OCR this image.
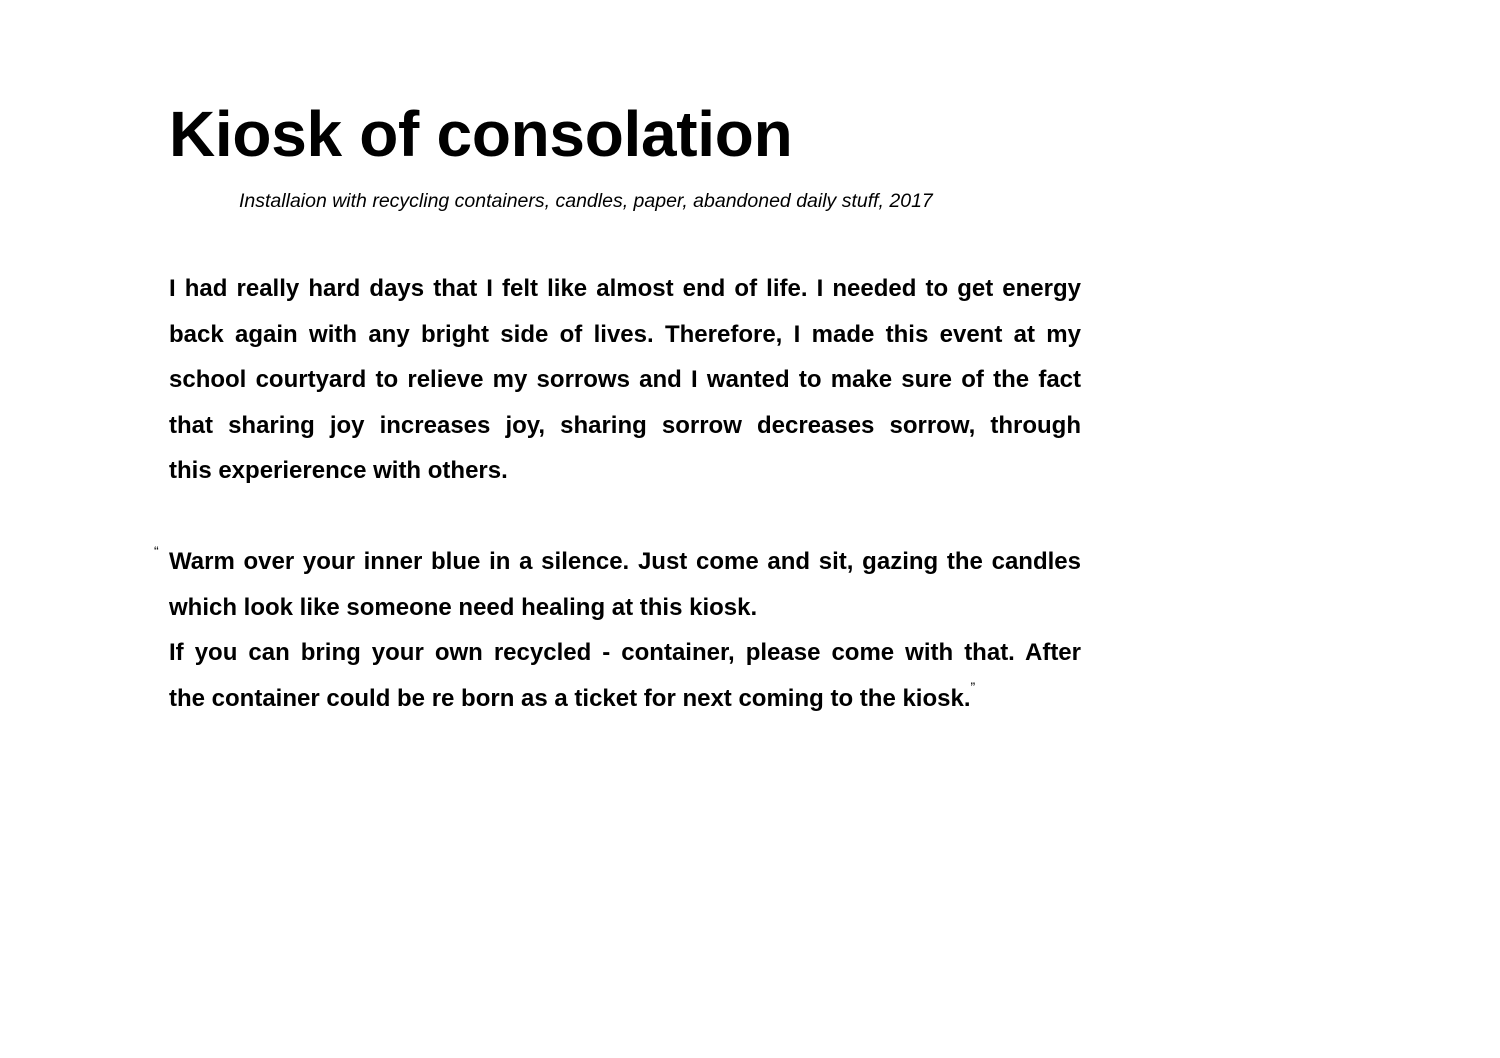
Kiosk of consolation

Installaion with recycling containers, candles, paper, abandoned daily stuff, 2017

I had really hard days that I felt like almost end of life. I needed to get energy
back again with any bright side of lives. Therefore, I made this event at my
school courtyard to relieve my sorrows and I wanted to make sure of the fact
that sharing joy increases joy, sharing sorrow decreases sorrow, through
this experierence with others.

“ Warm over your inner blue in a silence. Just come and sit, gazing the candles
which look like someone need healing at this kiosk.
If you can bring your own recycled - container, please come with that. After
the container could be re born as a ticket for next coming to the kiosk.”
